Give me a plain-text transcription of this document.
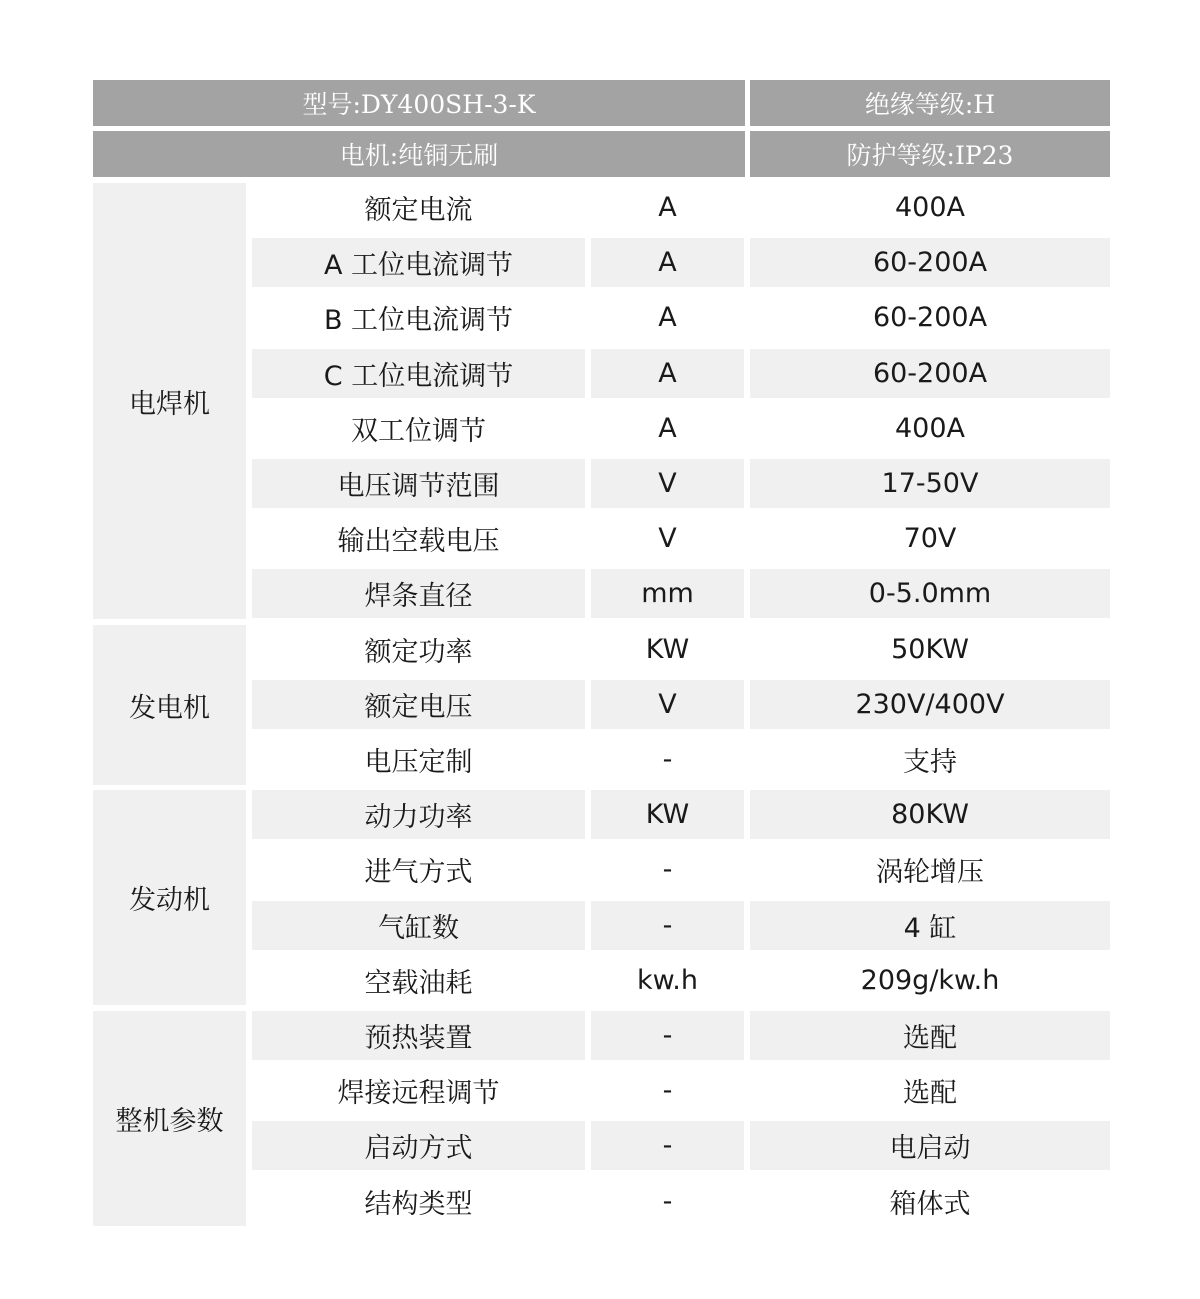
型号:DY400SH-3-K	绝缘等级:H
电机:纯铜无刷	防护等级:IP23
电焊机
额定电流	A	400A
A 工位电流调节	A	60-200A
B 工位电流调节	A	60-200A
C 工位电流调节	A	60-200A
双工位调节	A	400A
电压调节范围	V	17-50V
输出空载电压	V	70V
焊条直径	mm	0-5.0mm
发电机
额定功率	KW	50KW
额定电压	V	230V/400V
电压定制	-	支持
发动机
动力功率	KW	80KW
进气方式	-	涡轮增压
气缸数	-	4 缸
空载油耗	kw.h	209g/kw.h
整机参数
预热装置	-	选配
焊接远程调节	-	选配
启动方式	-	电启动
结构类型	-	箱体式
